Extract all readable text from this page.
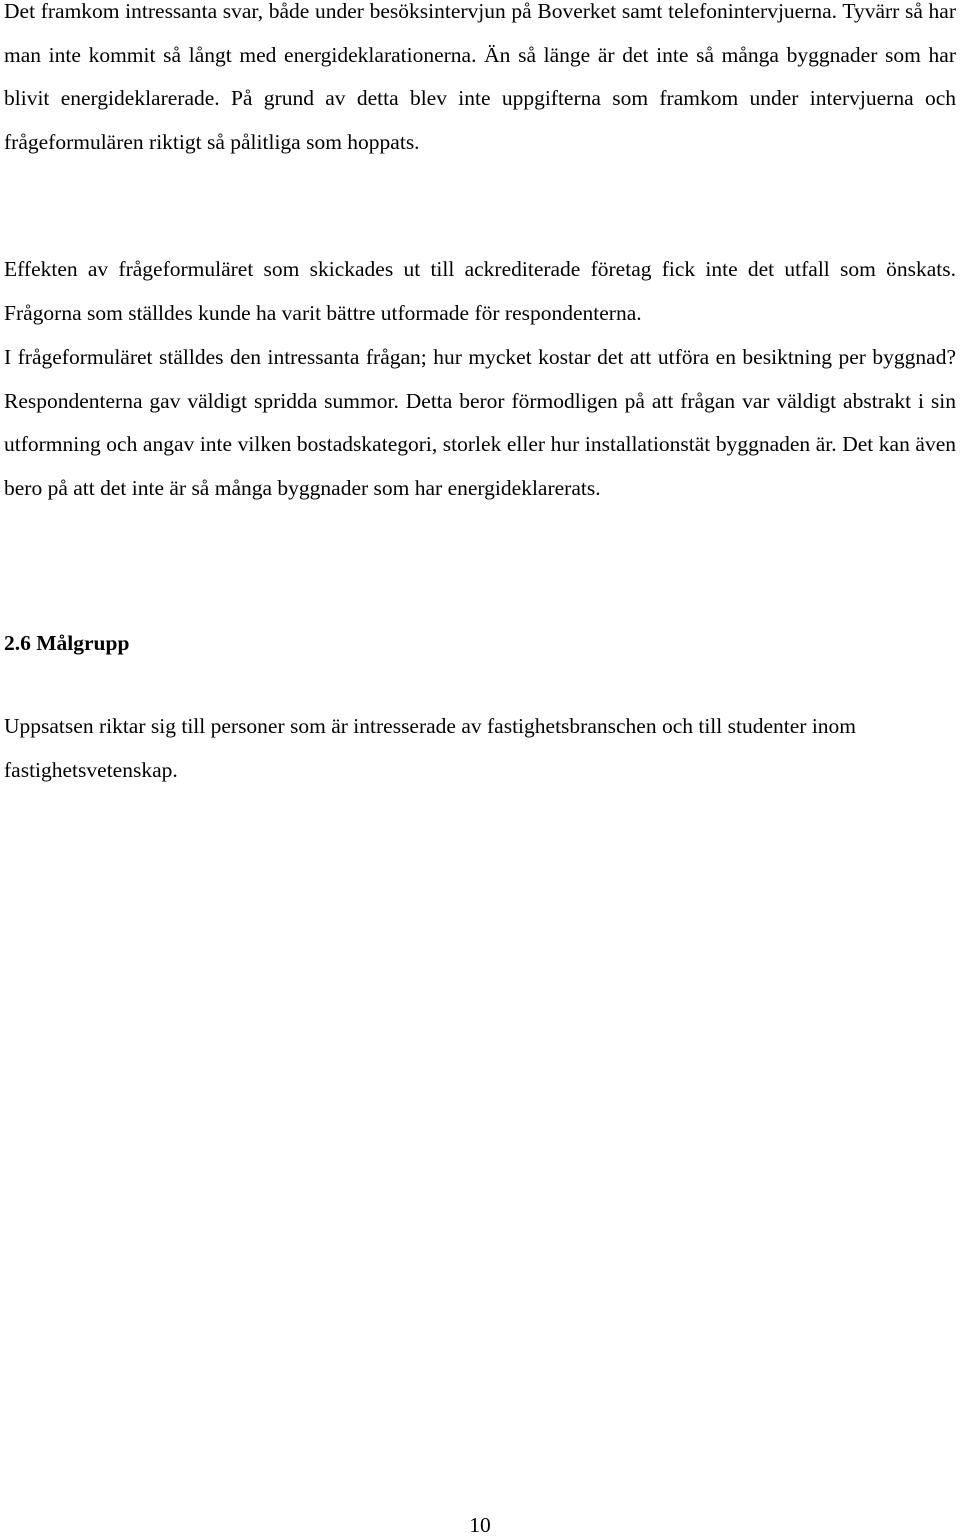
Det framkom intressanta svar, både under besöksintervjun på Boverket samt telefonintervjuerna. Tyvärr så har man inte kommit så långt med energideklarationerna. Än så länge är det inte så många byggnader som har blivit energideklarerade. På grund av detta blev inte uppgifterna som framkom under intervjuerna och frågeformulären riktigt så pålitliga som hoppats.

Effekten av frågeformuläret som skickades ut till ackrediterade företag fick inte det utfall som önskats. Frågorna som ställdes kunde ha varit bättre utformade för respondenterna.

I frågeformuläret ställdes den intressanta frågan; hur mycket kostar det att utföra en besiktning per byggnad? Respondenterna gav väldigt spridda summor. Detta beror förmodligen på att frågan var väldigt abstrakt i sin utformning och angav inte vilken bostadskategori, storlek eller hur installationstät byggnaden är. Det kan även bero på att det inte är så många byggnader som har energideklarerats.

2.6 Målgrupp

Uppsatsen riktar sig till personer som är intresserade av fastighetsbranschen och till studenter inom fastighetsvetenskap.

10
